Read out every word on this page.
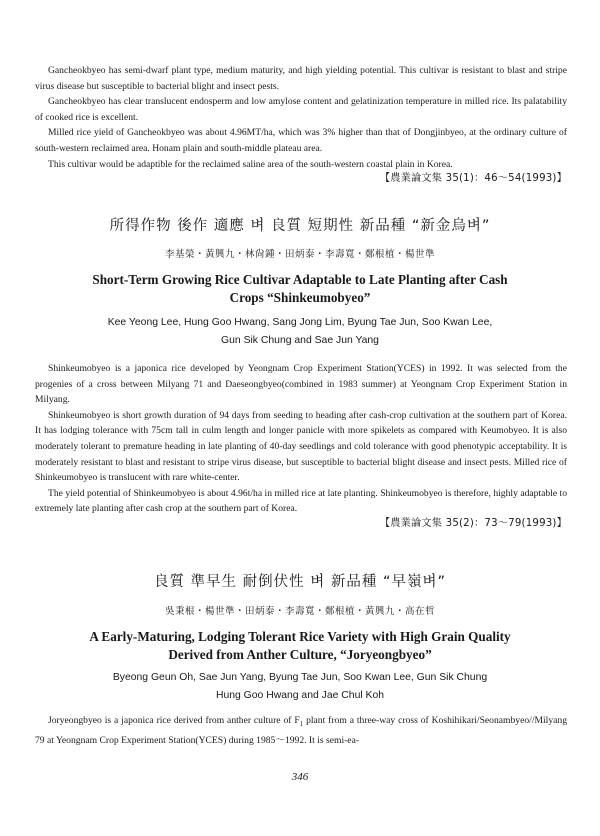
Gancheokbyeo has semi-dwarf plant type, medium maturity, and high yielding potential. This cultivar is resistant to blast and stripe virus disease but susceptible to bacterial blight and insect pests.

Gancheokbyeo has clear translucent endosperm and low amylose content and gelatinization temperature in milled rice. Its palatability of cooked rice is excellent.

Milled rice yield of Gancheokbyeo was about 4.96MT/ha, which was 3% higher than that of Dongjinbyeo, at the ordinary culture of south-western reclaimed area. Honam plain and south-middle plateau area.

This cultivar would be adaptible for the reclaimed saline area of the south-western coastal plain in Korea.

【農業論文集 35(1)：46～54(1993)】

所得作物 後作 適應 벼 良質 短期性 新品種 “新金烏벼”
李基榮・黃興九・林尙鍾・田炳泰・李壽寬・鄭根植・楊世準
Short-Term Growing Rice Cultivar Adaptable to Late Planting after Cash
Crops “Shinkeumobyeo”
Kee Yeong Lee, Hung Goo Hwang, Sang Jong Lim, Byung Tae Jun, Soo Kwan Lee,
Gun Sik Chung and Sae Jun Yang

Shinkeumobyeo is a japonica rice developed by Yeongnam Crop Experiment Station(YCES) in 1992. It was selected from the progenies of a cross between Milyang 71 and Daeseongbyeo(combined in 1983 summer) at Yeongnam Crop Experiment Station in Milyang.

Shinkeumobyeo is short growth duration of 94 days from seeding to heading after cash-crop cultivation at the southern part of Korea. It has lodging tolerance with 75cm tall in culm length and longer panicle with more spikelets as compared with Keumobyeo. It is also moderately tolerant to premature heading in late planting of 40-day seedlings and cold tolerance with good phenotypic acceptability. It is moderately resistant to blast and resistant to stripe virus disease, but susceptible to bacterial blight disease and insect pests. Milled rice of Shinkeumobyeo is translucent with rare white-center.

The yield potential of Shinkeumobyeo is about 4.96t/ha in milled rice at late planting. Shinkeumobyeo is therefore, highly adaptable to extremely late planting after cash crop at the southern part of Korea.

【農業論文集 35(2)：73～79(1993)】

良質 準早生 耐倒伏性 벼 新品種 “早嶺벼”
吳秉根・楊世準・田炳泰・李壽寬・鄭根植・黃興九・高在哲
A Early-Maturing, Lodging Tolerant Rice Variety with High Grain Quality
Derived from Anther Culture, “Joryeongbyeo”
Byeong Geun Oh, Sae Jun Yang, Byung Tae Jun, Soo Kwan Lee, Gun Sik Chung
Hung Goo Hwang and Jae Chul Koh

Joryeongbyeo is a japonica rice derived from anther culture of $F_1$ plant from a three-way cross of Koshihikari/Seonambyeo//Milyang 79 at Yeongnam Crop Experiment Station(YCES) during 1985～1992. It is semi-ea-

346
